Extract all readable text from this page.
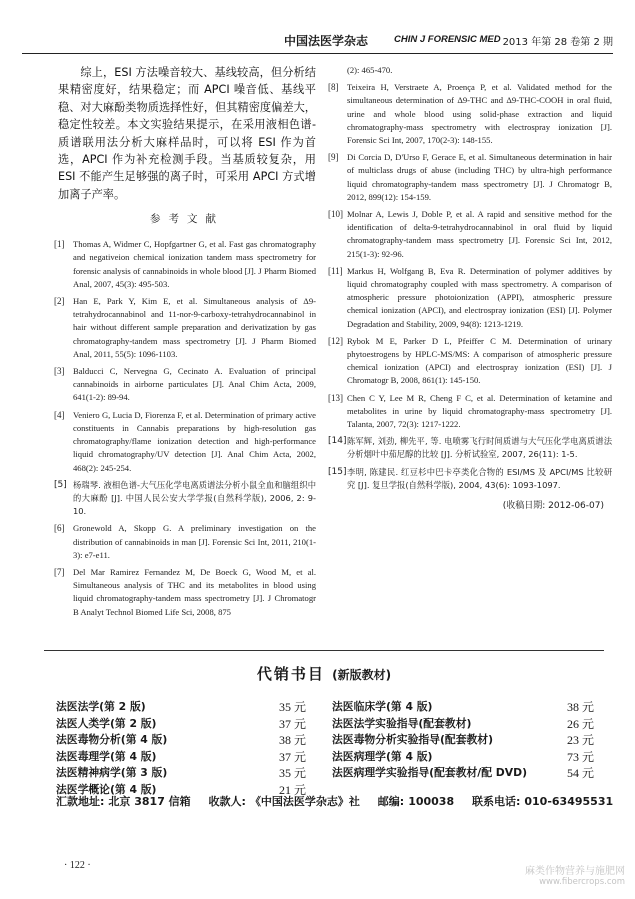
中国法医学杂志	CHIN J FORENSIC MED 2013 年第 28 卷第 2 期

综上，ESI 方法噪音较大、基线较高，但分析结果精密度好，结果稳定；而 APCI 噪音低、基线平稳、对大麻酚类物质选择性好，但其精密度偏差大，稳定性较差。本文实验结果提示，在采用液相色谱-质谱联用法分析大麻样品时，可以将 ESI 作为首选，APCI 作为补充检测手段。当基质较复杂，用 ESI 不能产生足够强的离子时，可采用 APCI 方式增加离子产率。

参考文献
[1] Thomas A, Widmer C, Hopfgartner G, et al. Fast gas chromatography and negativeion chemical ionization tandem mass spectrometry for forensic analysis of cannabinoids in whole blood [J]. J Pharm Biomed Anal, 2007, 45(3): 495-503.
[2] Han E, Park Y, Kim E, et al. Simultaneous analysis of Δ9-tetrahydrocannabinol and 11-nor-9-carboxy-tetrahydrocannabinol in hair without different sample preparation and derivatization by gas chromatography-tandem mass spectrometry [J]. J Pharm Biomed Anal, 2011, 55(5): 1096-1103.
[3] Balducci C, Nervegna G, Cecinato A. Evaluation of principal cannabinoids in airborne particulates [J]. Anal Chim Acta, 2009, 641(1-2): 89-94.
[4] Veniero G, Lucia D, Fiorenza F, et al. Determination of primary active constituents in Cannabis preparations by high-resolution gas chromatography/flame ionization detection and high-performance liquid chromatography/UV detection [J]. Anal Chim Acta, 2002, 468(2): 245-254.
[5] 杨瑞琴. 液相色谱-大气压化学电离质谱法分析小鼠全血和脑组织中的大麻酚 [J]. 中国人民公安大学学报(自然科学版), 2006, 2: 9-10.
[6] Gronewold A, Skopp G. A preliminary investigation on the distribution of cannabinoids in man [J]. Forensic Sci Int, 2011, 210(1-3): e7-e11.
[7] Del Mar Ramirez Fernandez M, De Boeck G, Wood M, et al. Simultaneous analysis of THC and its metabolites in blood using liquid chromatography-tandem mass spectrometry [J]. J Chromatogr B Analyt Technol Biomed Life Sci, 2008, 875
(2): 465-470.
[8] Teixeira H, Verstraete A, Proença P, et al. Validated method for the simultaneous determination of Δ9-THC and Δ9-THC-COOH in oral fluid, urine and whole blood using solid-phase extraction and liquid chromatography-mass spectrometry with electrospray ionization [J]. Forensic Sci Int, 2007, 170(2-3): 148-155.
[9] Di Corcia D, D'Urso F, Gerace E, et al. Simultaneous determination in hair of multiclass drugs of abuse (including THC) by ultra-high performance liquid chromatography-tandem mass spectrometry [J]. J Chromatogr B, 2012, 899(12): 154-159.
[10] Molnar A, Lewis J, Doble P, et al. A rapid and sensitive method for the identification of delta-9-tetrahydrocannabinol in oral fluid by liquid chromatography-tandem mass spectrometry [J]. Forensic Sci Int, 2012, 215(1-3): 92-96.
[11] Markus H, Wolfgang B, Eva R. Determination of polymer additives by liquid chromatography coupled with mass spectrometry. A comparison of atmospheric pressure photoionization (APPI), atmospheric pressure chemical ionization (APCI), and electrospray ionization (ESI) [J]. Polymer Degradation and Stability, 2009, 94(8): 1213-1219.
[12] Rybok M E, Parker D L, Pfeiffer C M. Determination of urinary phytoestrogens by HPLC-MS/MS: A comparison of atmospheric pressure chemical ionization (APCI) and electrospray ionization (ESI) [J]. J Chromatogr B, 2008, 861(1): 145-150.
[13] Chen C Y, Lee M R, Cheng F C, et al. Determination of ketamine and metabolites in urine by liquid chromatography-mass spectrometry [J]. Talanta, 2007, 72(3): 1217-1222.
[14] 陈军辉, 刘劲, 柳先平, 等. 电喷雾飞行时间质谱与大气压化学电离质谱法分析烟叶中茄尼醇的比较 [J]. 分析试验室, 2007, 26(11): 1-5.
[15] 李明, 陈建民. 红豆杉中巴卡亭类化合物的 ESI/MS 及 APCI/MS 比较研究 [J]. 复旦学报(自然科学版), 2004, 43(6): 1093-1097.
(收稿日期: 2012-06-07)
代销书目 (新版教材)
法医法学(第 2 版)	35 元
法医人类学(第 2 版)	37 元
法医毒物分析(第 4 版)	38 元
法医毒理学(第 4 版)	37 元
法医精神病学(第 3 版)	35 元
法医学概论(第 4 版)	21 元
法医临床学(第 4 版)	38 元
法医法学实验指导(配套教材)	26 元
法医毒物分析实验指导(配套教材)	23 元
法医病理学(第 4 版)	73 元
法医病理学实验指导(配套教材/配 DVD)	54 元
汇款地址: 北京 3817 信箱 收款人: 《中国法医学杂志》社 邮编: 100038 联系电话: 010-63495531
· 122 ·
麻类作物营养与施肥网
www.fibercrops.com
